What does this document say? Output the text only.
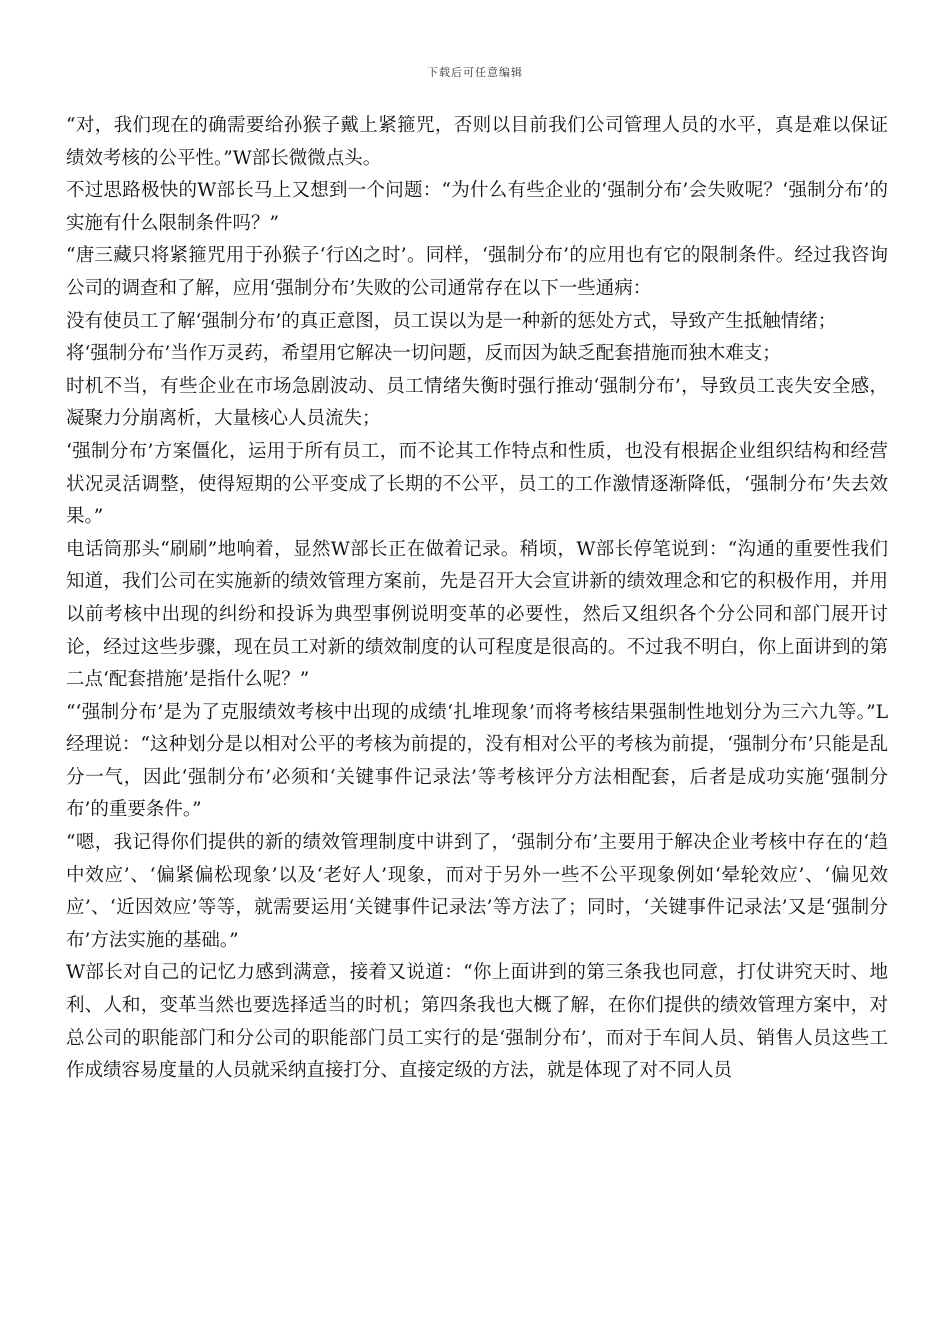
下载后可任意编辑

“对，我们现在的确需要给孙猴子戴上紧箍咒，否则以目前我们公司管理人员的水平，真是难以保证绩效考核的公平性。”W部长微微点头。

不过思路极快的W部长马上又想到一个问题：“为什么有些企业的‘强制分布’会失败呢？‘强制分布’的实施有什么限制条件吗？”

“唐三藏只将紧箍咒用于孙猴子‘行凶之时’。同样，‘强制分布’的应用也有它的限制条件。经过我咨询公司的调查和了解，应用‘强制分布’失败的公司通常存在以下一些通病：

没有使员工了解‘强制分布’的真正意图，员工误以为是一种新的惩处方式，导致产生抵触情绪；

将‘强制分布’当作万灵药，希望用它解决一切问题，反而因为缺乏配套措施而独木难支；

时机不当，有些企业在市场急剧波动、员工情绪失衡时强行推动‘强制分布’，导致员工丧失安全感，凝聚力分崩离析，大量核心人员流失；

‘强制分布’方案僵化，运用于所有员工，而不论其工作特点和性质，也没有根据企业组织结构和经营状况灵活调整，使得短期的公平变成了长期的不公平，员工的工作激情逐渐降低，‘强制分布’失去效果。”

电话筒那头“刷刷”地响着，显然W部长正在做着记录。稍顷，W部长停笔说到：“沟通的重要性我们知道，我们公司在实施新的绩效管理方案前，先是召开大会宣讲新的绩效理念和它的积极作用，并用以前考核中出现的纠纷和投诉为典型事例说明变革的必要性，然后又组织各个分公同和部门展开讨论，经过这些步骤，现在员工对新的绩效制度的认可程度是很高的。不过我不明白，你上面讲到的第二点‘配套措施’是指什么呢？”

“‘强制分布’是为了克服绩效考核中出现的成绩‘扎堆现象’而将考核结果强制性地划分为三六九等。”L经理说：“这种划分是以相对公平的考核为前提的，没有相对公平的考核为前提，‘强制分布’只能是乱分一气，因此‘强制分布’必须和‘关键事件记录法’等考核评分方法相配套，后者是成功实施‘强制分布’的重要条件。”

“嗯，我记得你们提供的新的绩效管理制度中讲到了，‘强制分布’主要用于解决企业考核中存在的‘趋中效应’、‘偏紧偏松现象’以及‘老好人’现象，而对于另外一些不公平现象例如‘晕轮效应’、‘偏见效应’、‘近因效应’等等，就需要运用‘关键事件记录法’等方法了；同时，‘关键事件记录法’又是‘强制分布’方法实施的基础。”

W部长对自己的记忆力感到满意，接着又说道：“你上面讲到的第三条我也同意，打仗讲究天时、地利、人和，变革当然也要选择适当的时机；第四条我也大概了解，在你们提供的绩效管理方案中，对总公司的职能部门和分公司的职能部门员工实行的是‘强制分布’，而对于车间人员、销售人员这些工作成绩容易度量的人员就采纳直接打分、直接定级的方法，就是体现了对不同人员
